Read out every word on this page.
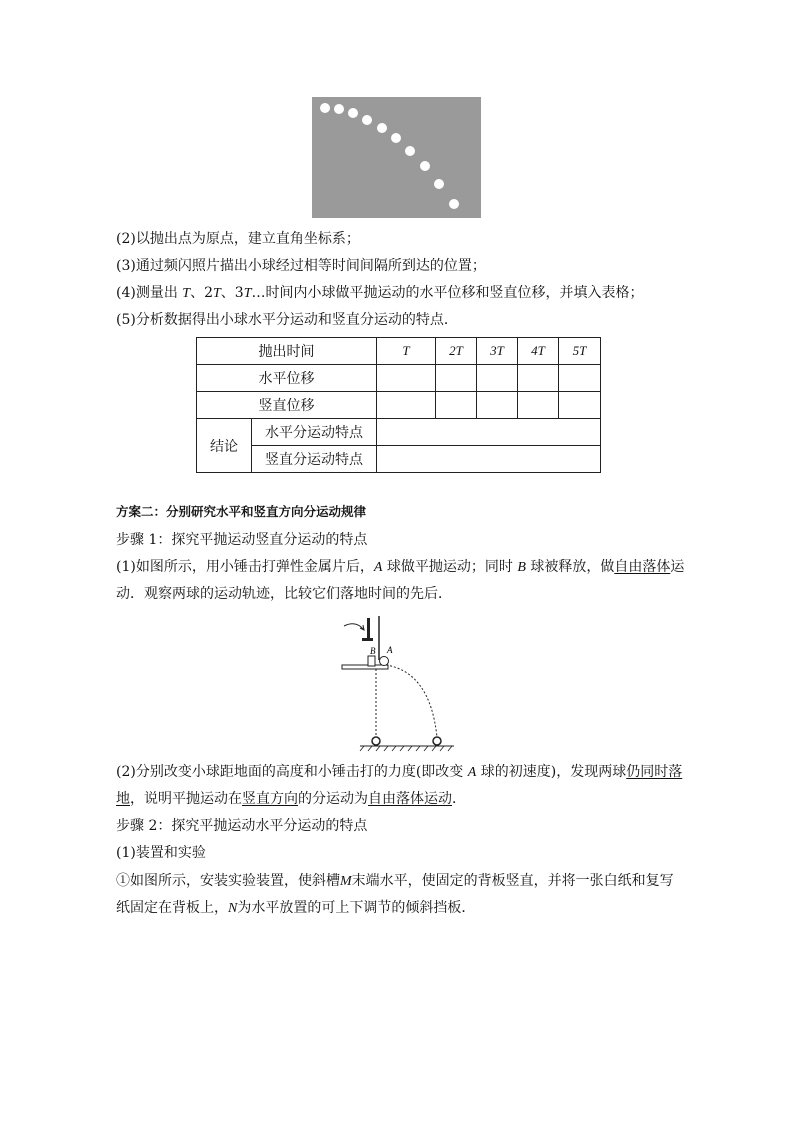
(2)以抛出点为原点，建立直角坐标系；
(3)通过频闪照片描出小球经过相等时间间隔所到达的位置；
(4)测量出 T、2T、3T…时间内小球做平抛运动的水平位移和竖直位移，并填入表格；
(5)分析数据得出小球水平分运动和竖直分运动的特点．
抛出时间		T	2T	3T	4T	5T
水平位移						
竖直位移						
结论	水平分运动特点					
	竖直分运动特点					
方案二：分别研究水平和竖直方向分运动规律
步骤 1：探究平抛运动竖直分运动的特点
(1)如图所示，用小锤击打弹性金属片后，A 球做平抛运动；同时 B 球被释放，做自由落体运
动．观察两球的运动轨迹，比较它们落地时间的先后．
B A
(2)分别改变小球距地面的高度和小锤击打的力度(即改变 A 球的初速度)，发现两球仍同时落
地，说明平抛运动在竖直方向的分运动为自由落体运动．
步骤 2：探究平抛运动水平分运动的特点
(1)装置和实验
①如图所示，安装实验装置，使斜槽M末端水平，使固定的背板竖直，并将一张白纸和复写
纸固定在背板上，N为水平放置的可上下调节的倾斜挡板．
